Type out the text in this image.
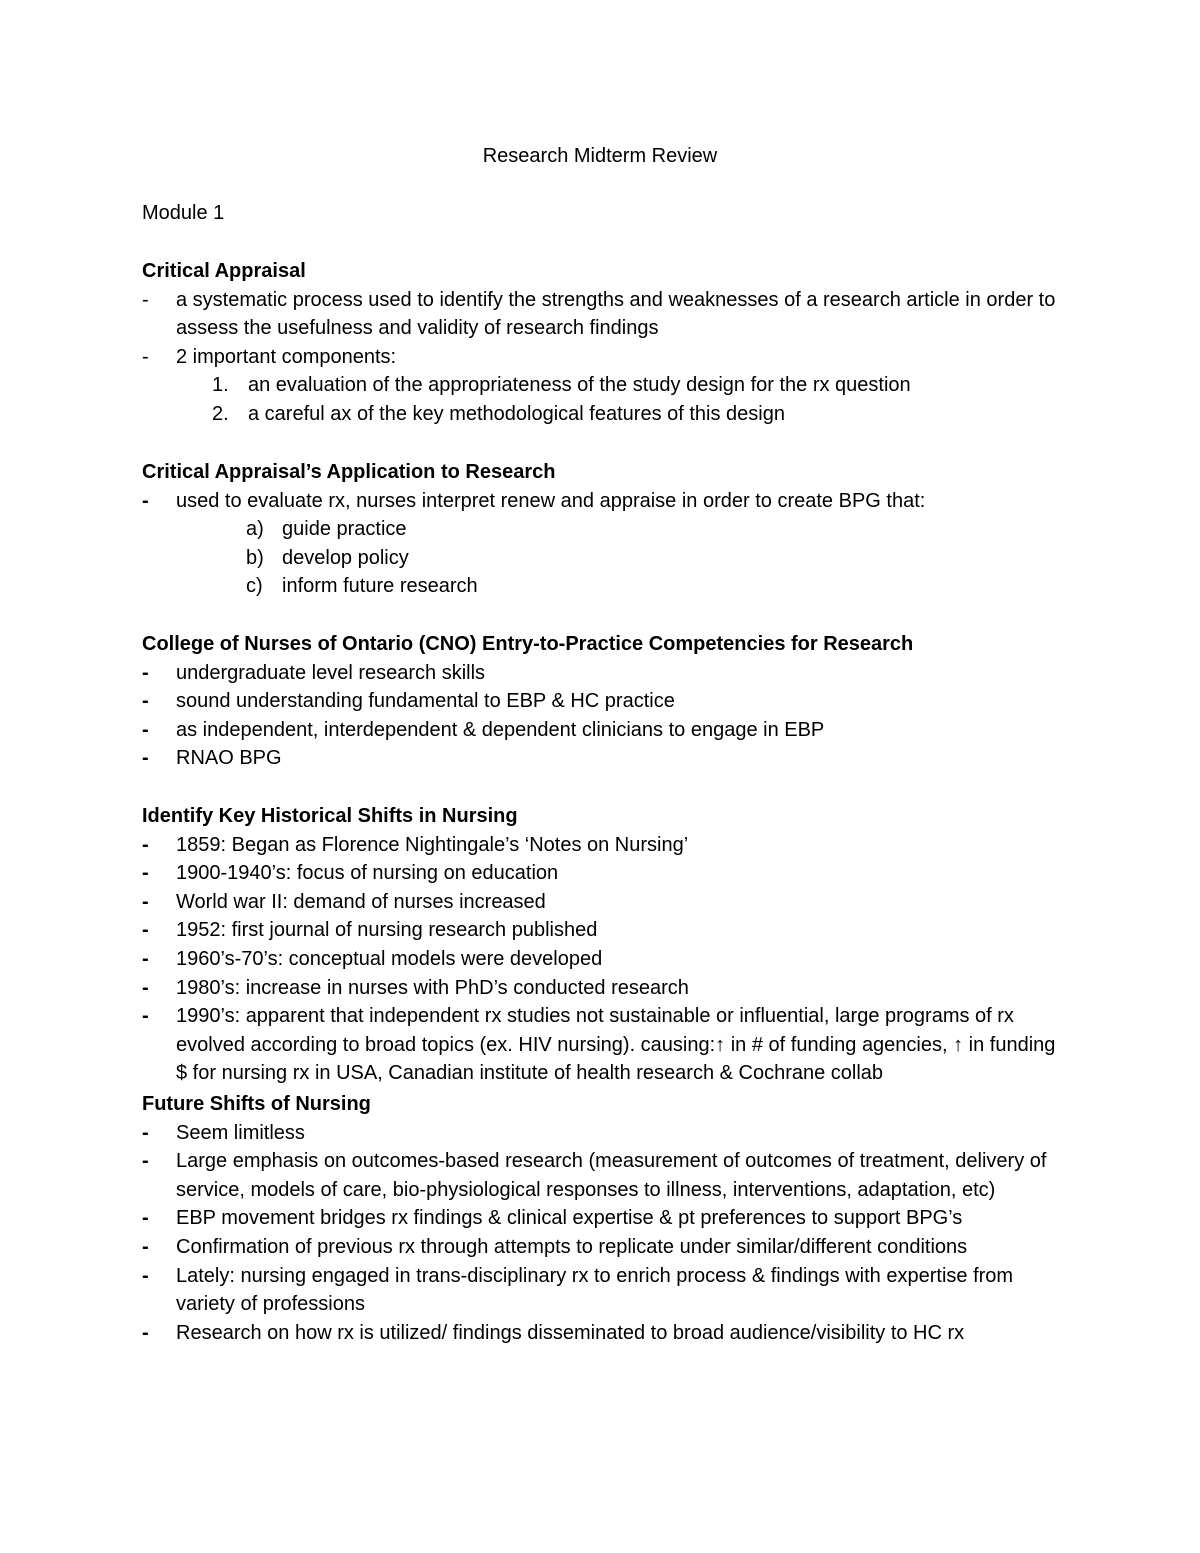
Research Midterm Review
Module 1
Critical Appraisal
- a systematic process used to identify the strengths and weaknesses of a research article in order to assess the usefulness and validity of research findings
- 2 important components:
1. an evaluation of the appropriateness of the study design for the rx question
2. a careful ax of the key methodological features of this design
Critical Appraisal’s Application to Research
- used to evaluate rx, nurses interpret renew and appraise in order to create BPG that:
a) guide practice
b) develop policy
c) inform future research
College of Nurses of Ontario (CNO) Entry-to-Practice Competencies for Research
- undergraduate level research skills
- sound understanding fundamental to EBP & HC practice
- as independent, interdependent & dependent clinicians to engage in EBP
- RNAO BPG
Identify Key Historical Shifts in Nursing
- 1859: Began as Florence Nightingale’s ‘Notes on Nursing’
- 1900-1940’s: focus of nursing on education
- World war II: demand of nurses increased
- 1952: first journal of nursing research published
- 1960’s-70’s: conceptual models were developed
- 1980’s: increase in nurses with PhD’s conducted research
- 1990’s: apparent that independent rx studies not sustainable or influential, large programs of rx evolved according to broad topics (ex. HIV nursing). causing:↑ in # of funding agencies, ↑ in funding $ for nursing rx in USA, Canadian institute of health research & Cochrane collab
Future Shifts of Nursing
- Seem limitless
- Large emphasis on outcomes-based research (measurement of outcomes of treatment, delivery of service, models of care, bio-physiological responses to illness, interventions, adaptation, etc)
- EBP movement bridges rx findings & clinical expertise & pt preferences to support BPG’s
- Confirmation of previous rx through attempts to replicate under similar/different conditions
- Lately: nursing engaged in trans-disciplinary rx to enrich process & findings with expertise from variety of professions
- Research on how rx is utilized/ findings disseminated to broad audience/visibility to HC rx
